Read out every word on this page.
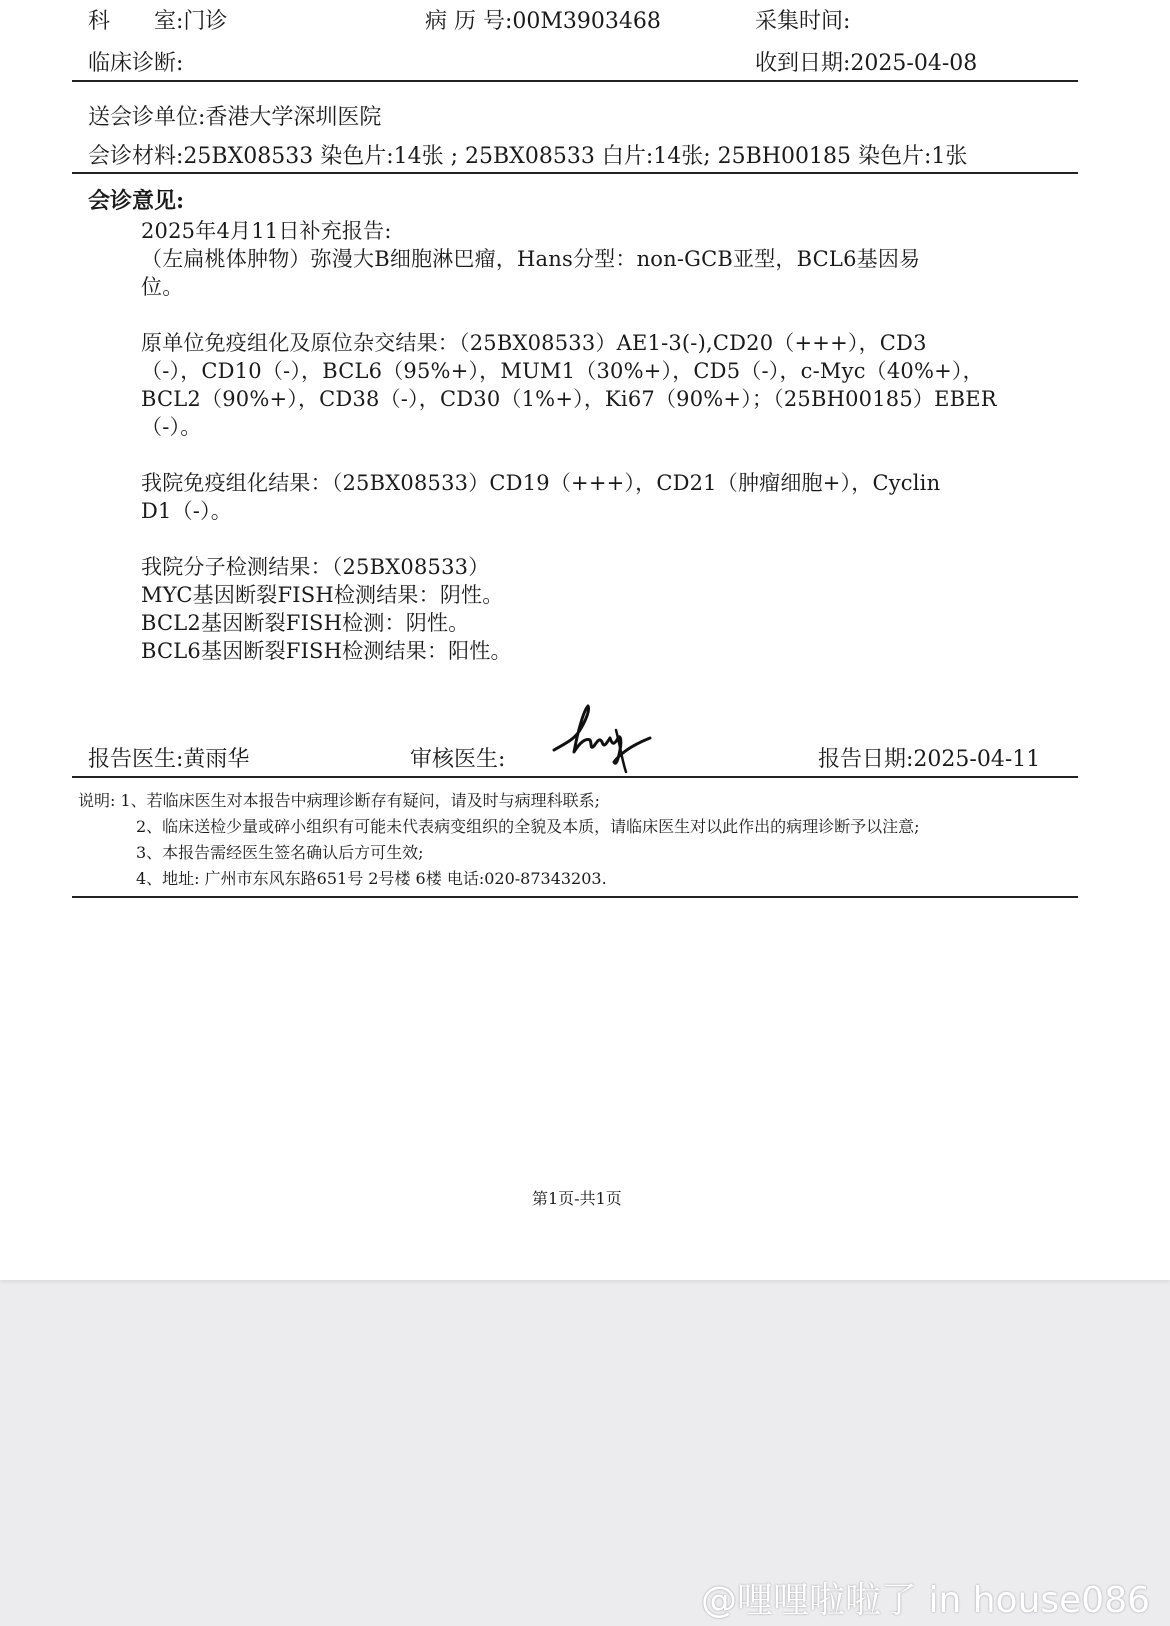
科　　室:门诊	病 历 号:00M3903468	采集时间:
临床诊断:	收到日期:2025-04-08
送会诊单位:香港大学深圳医院
会诊材料:25BX08533 染色片:14张 ; 25BX08533 白片:14张; 25BH00185 染色片:1张
会诊意见:
2025年4月11日补充报告:
（左扁桃体肿物）弥漫大B细胞淋巴瘤，Hans分型：non-GCB亚型，BCL6基因易
位。
原单位免疫组化及原位杂交结果：（25BX08533）AE1-3(-),CD20（+++），CD3
（-），CD10（-），BCL6（95%+），MUM1（30%+），CD5（-），c-Myc（40%+），
BCL2（90%+），CD38（-），CD30（1%+），Ki67（90%+）；（25BH00185）EBER
（-）。
我院免疫组化结果：（25BX08533）CD19（+++），CD21（肿瘤细胞+），Cyclin
D1（-）。
我院分子检测结果：（25BX08533）
MYC基因断裂FISH检测结果：阴性。
BCL2基因断裂FISH检测：阴性。
BCL6基因断裂FISH检测结果：阳性。
报告医生:黄雨华	审核医生:	报告日期:2025-04-11
说明: 1、若临床医生对本报告中病理诊断存有疑问，请及时与病理科联系;
2、临床送检少量或碎小组织有可能未代表病变组织的全貌及本质，请临床医生对以此作出的病理诊断予以注意;
3、本报告需经医生签名确认后方可生效;
4、地址: 广州市东风东路651号 2号楼 6楼 电话:020-87343203.
第1页-共1页
@哩哩啦啦了 in house086
